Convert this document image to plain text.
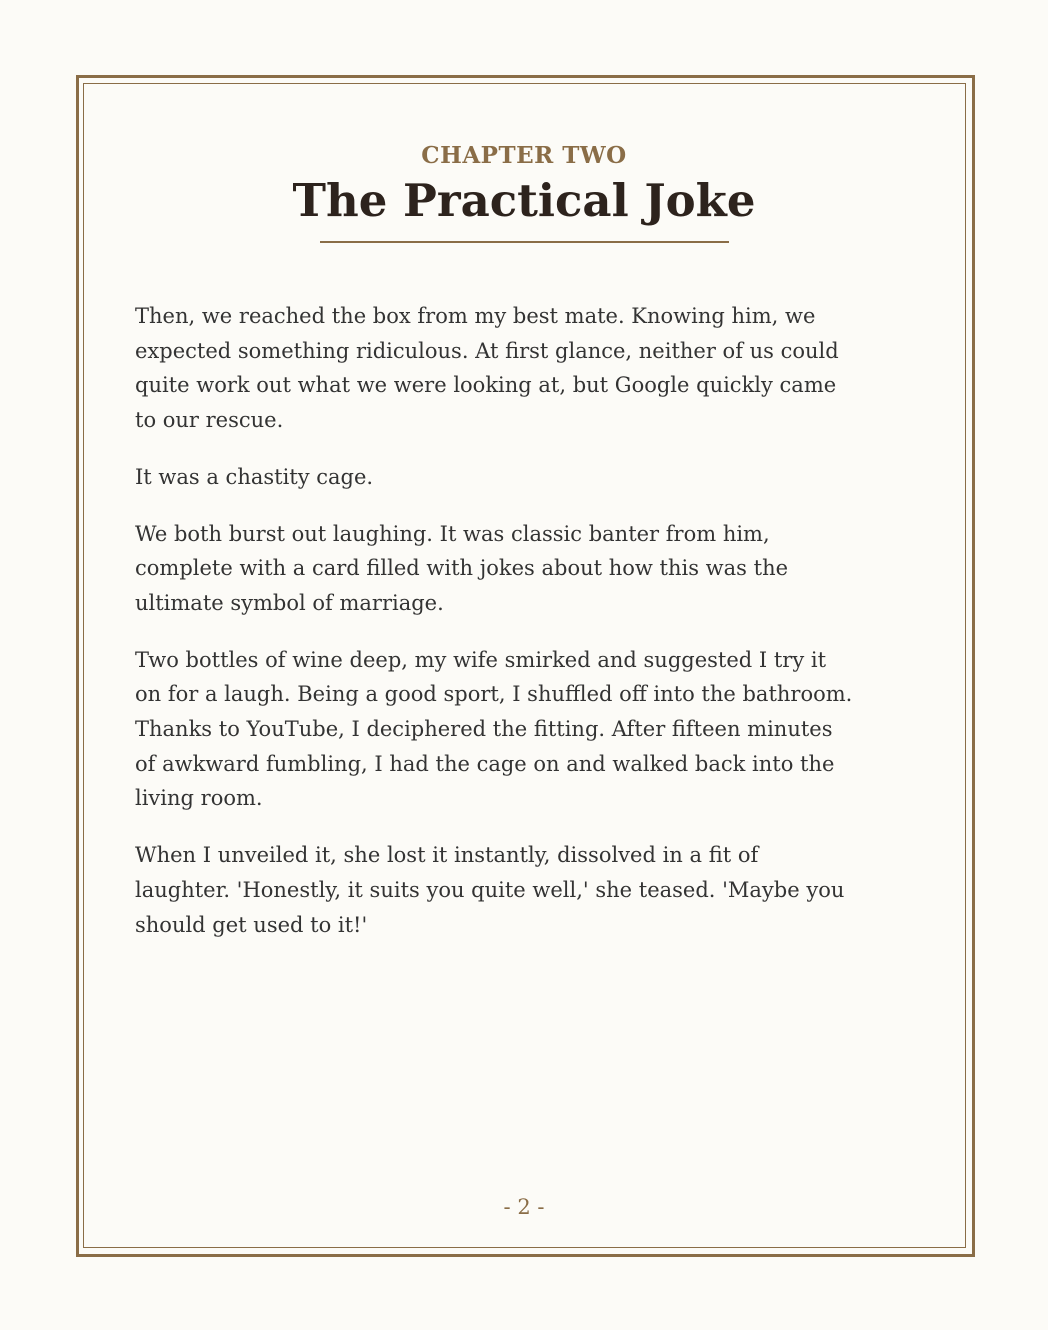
CHAPTER TWO
The Practical Joke

Then, we reached the box from my best mate. Knowing him, we expected something ridiculous. At first glance, neither of us could quite work out what we were looking at, but Google quickly came to our rescue.

It was a chastity cage.

We both burst out laughing. It was classic banter from him, complete with a card filled with jokes about how this was the ultimate symbol of marriage.

Two bottles of wine deep, my wife smirked and suggested I try it on for a laugh. Being a good sport, I shuffled off into the bathroom. Thanks to YouTube, I deciphered the fitting. After fifteen minutes of awkward fumbling, I had the cage on and walked back into the living room.

When I unveiled it, she lost it instantly, dissolved in a fit of laughter. 'Honestly, it suits you quite well,' she teased. 'Maybe you should get used to it!'

- 2 -
